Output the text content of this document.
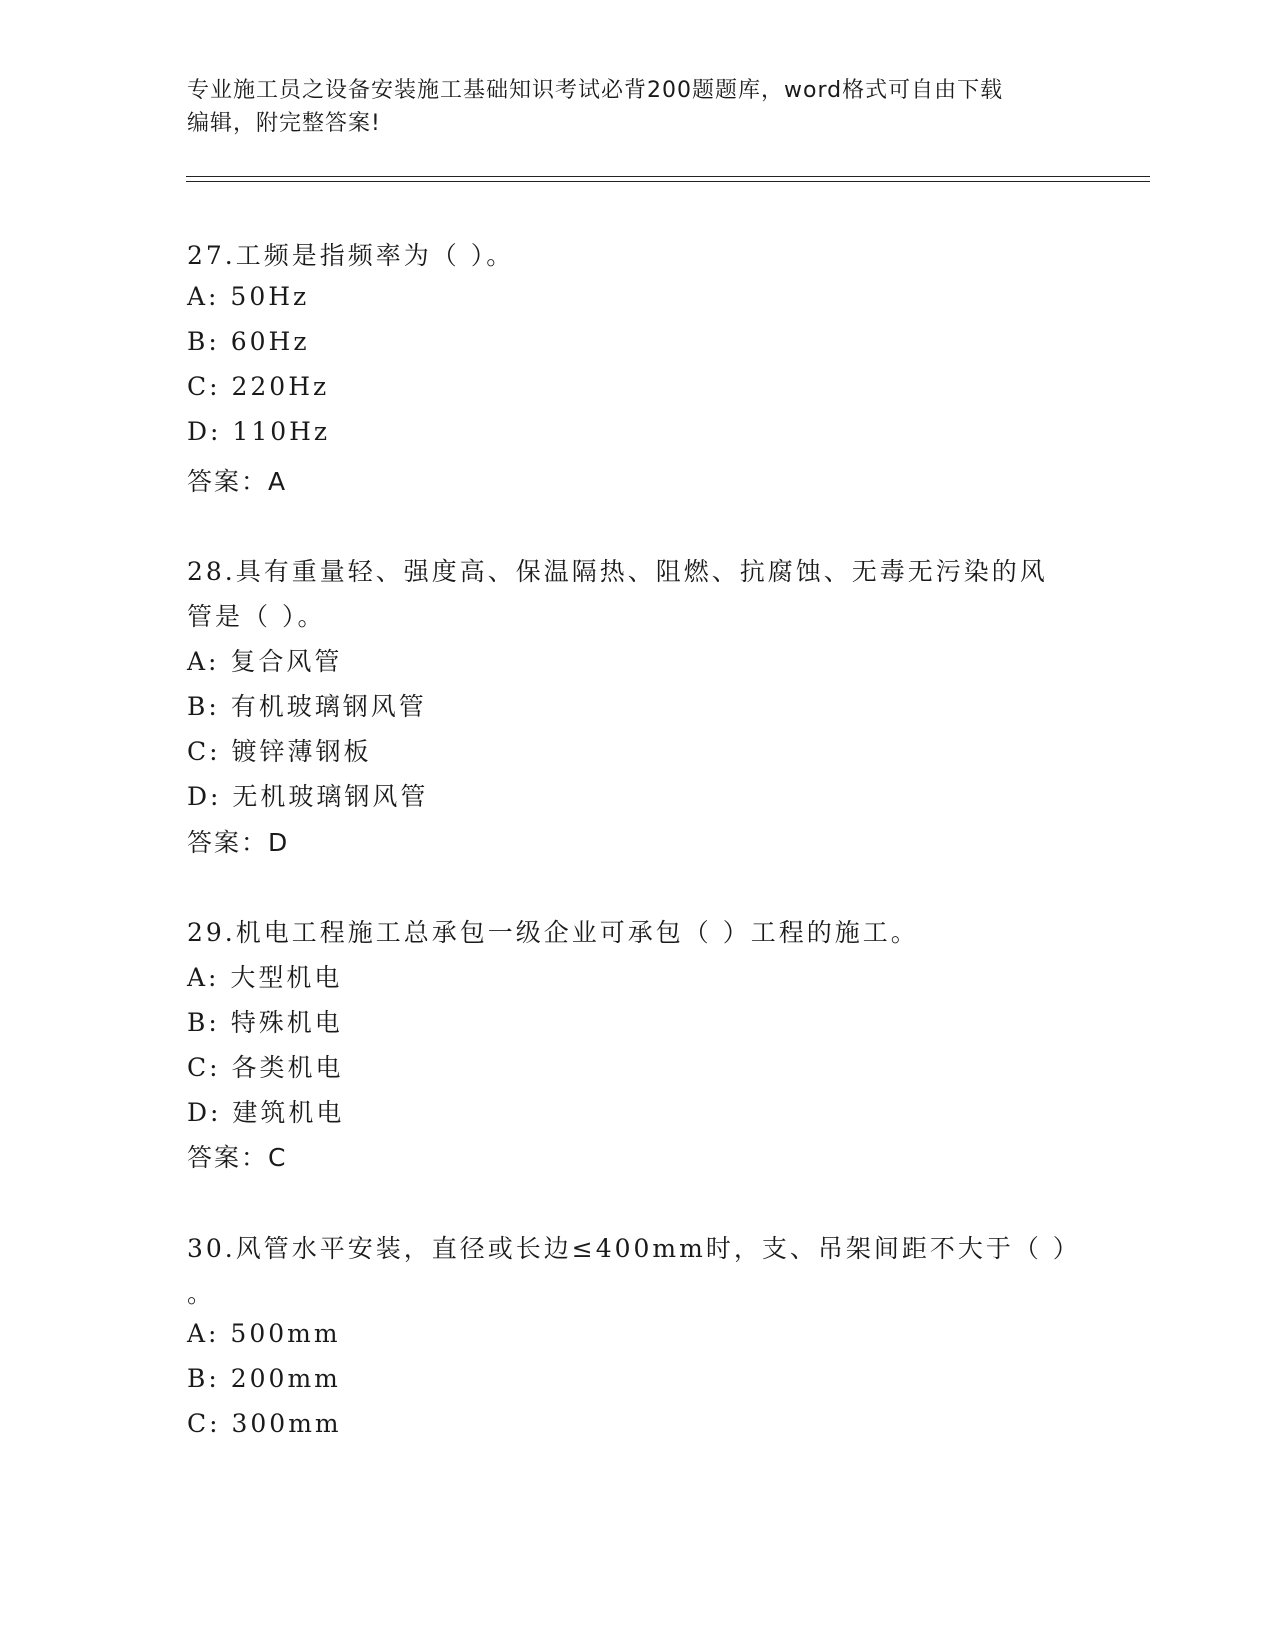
专业施工员之设备安装施工基础知识考试必背200题题库，word格式可自由下载
编辑，附完整答案!
27.工频是指频率为（ ）。
A: 50Hz
B: 60Hz
C: 220Hz
D: 110Hz
答案：A
28.具有重量轻、强度高、保温隔热、阻燃、抗腐蚀、无毒无污染的风
管是（ ）。
A: 复合风管
B: 有机玻璃钢风管
C: 镀锌薄钢板
D: 无机玻璃钢风管
答案：D
29.机电工程施工总承包一级企业可承包（ ）工程的施工。
A: 大型机电
B: 特殊机电
C: 各类机电
D: 建筑机电
答案：C
30.风管水平安装，直径或长边≤400mm时，支、吊架间距不大于（ ）
。
A: 500mm
B: 200mm
C: 300mm
